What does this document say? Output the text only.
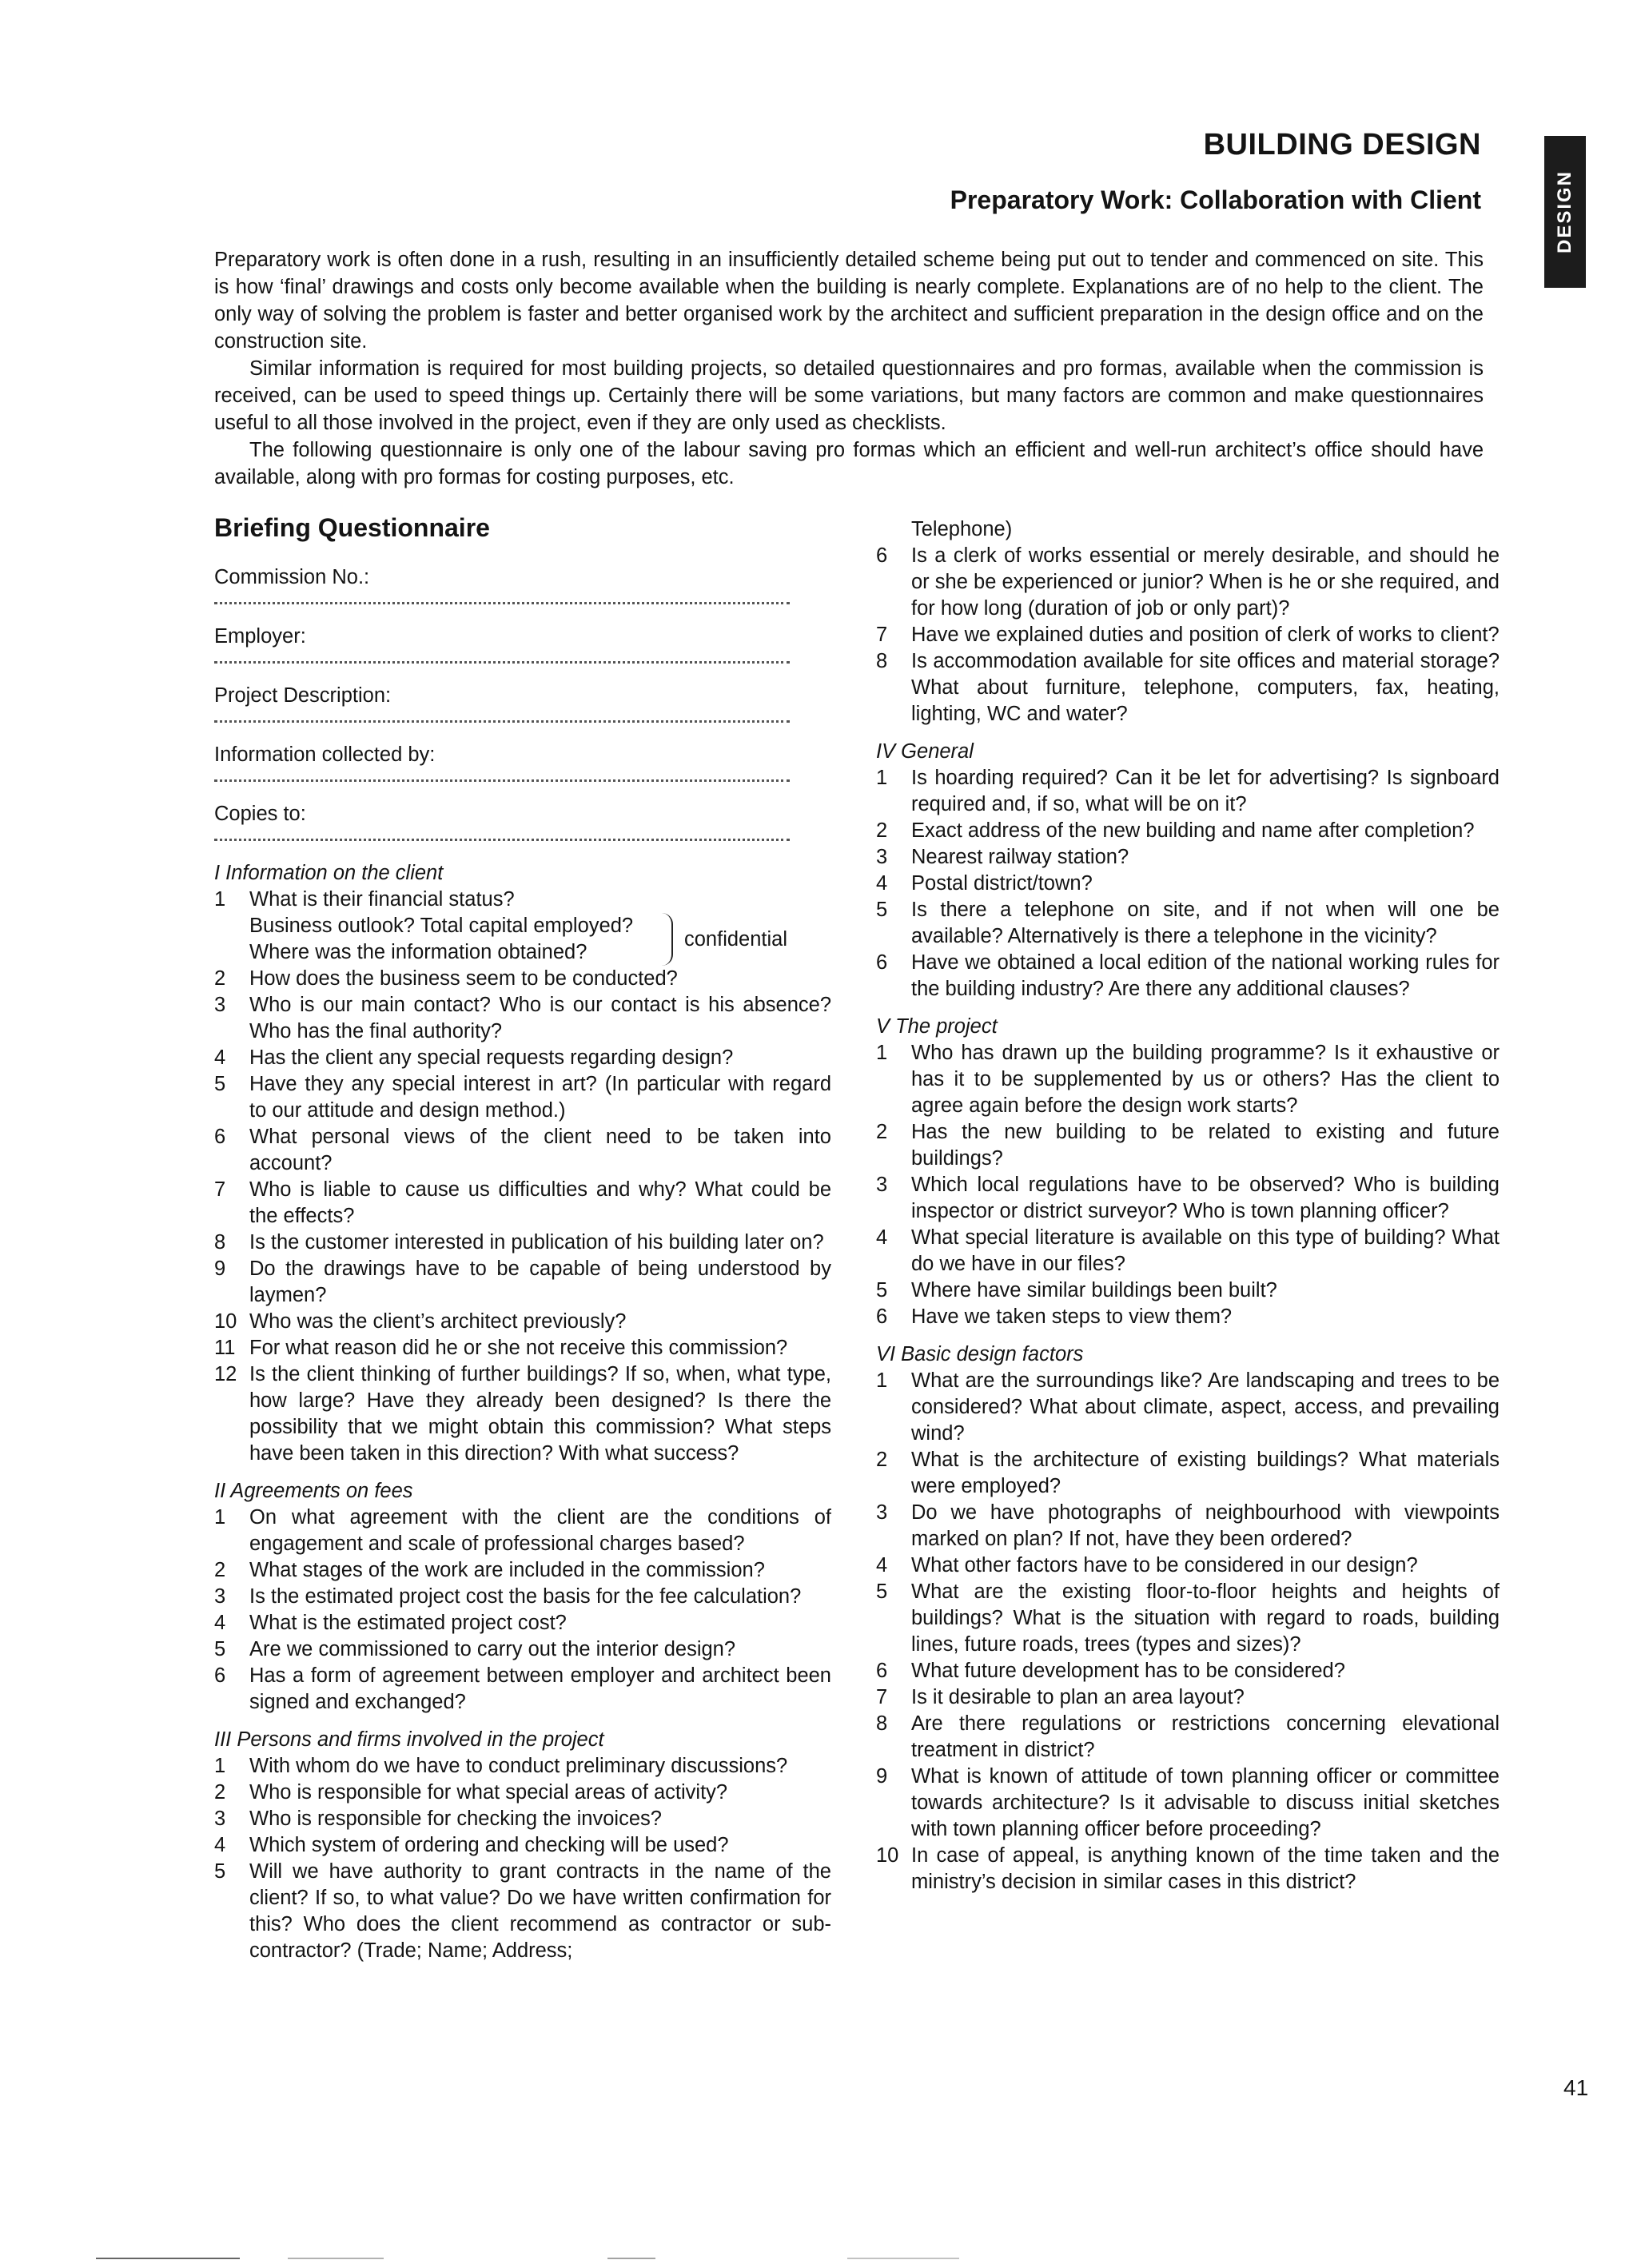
BUILDING DESIGN
Preparatory Work: Collaboration with Client	DESIGN

Preparatory work is often done in a rush, resulting in an insufficiently detailed scheme being put out to tender and commenced on site. This is how ‘final’ drawings and costs only become available when the building is nearly complete. Explanations are of no help to the client. The only way of solving the problem is faster and better organised work by the architect and sufficient preparation in the design office and on the construction site.

Similar information is required for most building projects, so detailed questionnaires and pro formas, available when the commission is received, can be used to speed things up. Certainly there will be some variations, but many factors are common and make questionnaires useful to all those involved in the project, even if they are only used as checklists.

The following questionnaire is only one of the labour saving pro formas which an efficient and well-run architect’s office should have available, along with pro formas for costing purposes, etc.

Briefing Questionnaire
Commission No.:
Employer:
Project Description:
Information collected by:
Copies to:
I Information on the client
1	What is their financial status?
Business outlook? Total capital employed?
Where was the information obtained?
confidential
2	How does the business seem to be conducted?
3	Who is our main contact? Who is our contact is his absence? Who has the final authority?
4	Has the client any special requests regarding design?
5	Have they any special interest in art? (In particular with regard to our attitude and design method.)
6	What personal views of the client need to be taken into account?
7	Who is liable to cause us difficulties and why? What could be the effects?
8	Is the customer interested in publication of his building later on?
9	Do the drawings have to be capable of being understood by laymen?
10 Who was the client’s architect previously?
11 For what reason did he or she not receive this commission?
12 Is the client thinking of further buildings? If so, when, what type, how large? Have they already been designed? Is there the possibility that we might obtain this commission? What steps have been taken in this direction? With what success?
II Agreements on fees
1	On what agreement with the client are the conditions of engagement and scale of professional charges based?
2	What stages of the work are included in the commission?
3	Is the estimated project cost the basis for the fee calculation?
4	What is the estimated project cost?
5	Are we commissioned to carry out the interior design?
6	Has a form of agreement between employer and architect been signed and exchanged?
III Persons and firms involved in the project
1	With whom do we have to conduct preliminary discussions?
2	Who is responsible for what special areas of activity?
3	Who is responsible for checking the invoices?
4	Which system of ordering and checking will be used?
5	Will we have authority to grant contracts in the name of the client? If so, to what value? Do we have written confirmation for this? Who does the client recommend as contractor or sub-contractor? (Trade; Name; Address;
Telephone)
6	Is a clerk of works essential or merely desirable, and should he or she be experienced or junior? When is he or she required, and for how long (duration of job or only part)?
7	Have we explained duties and position of clerk of works to client?
8	Is accommodation available for site offices and material storage? What about furniture, telephone, computers, fax, heating, lighting, WC and water?
IV General
1	Is hoarding required? Can it be let for advertising? Is signboard required and, if so, what will be on it?
2	Exact address of the new building and name after completion?
3	Nearest railway station?
4	Postal district/town?
5	Is there a telephone on site, and if not when will one be available? Alternatively is there a telephone in the vicinity?
6	Have we obtained a local edition of the national working rules for the building industry? Are there any additional clauses?
V The project
1	Who has drawn up the building programme? Is it exhaustive or has it to be supplemented by us or others? Has the client to agree again before the design work starts?
2	Has the new building to be related to existing and future buildings?
3	Which local regulations have to be observed? Who is building inspector or district surveyor? Who is town planning officer?
4	What special literature is available on this type of building? What do we have in our files?
5	Where have similar buildings been built?
6	Have we taken steps to view them?
VI Basic design factors
1	What are the surroundings like? Are landscaping and trees to be considered? What about climate, aspect, access, and prevailing wind?
2	What is the architecture of existing buildings? What materials were employed?
3	Do we have photographs of neighbourhood with viewpoints marked on plan? If not, have they been ordered?
4	What other factors have to be considered in our design?
5	What are the existing floor-to-floor heights and heights of buildings? What is the situation with regard to roads, building lines, future roads, trees (types and sizes)?
6	What future development has to be considered?
7	Is it desirable to plan an area layout?
8	Are there regulations or restrictions concerning elevational treatment in district?
9	What is known of attitude of town planning officer or committee towards architecture? Is it advisable to discuss initial sketches with town planning officer before proceeding?
10 In case of appeal, is anything known of the time taken and the ministry’s decision in similar cases in this district?
41
